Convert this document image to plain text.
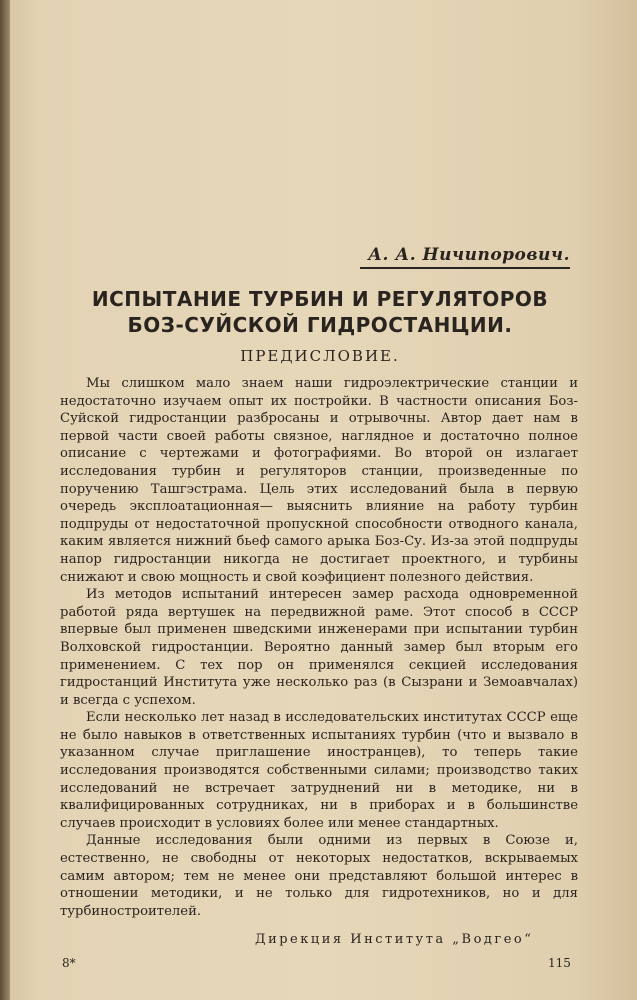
А. А. Ничипорович.
ИСПЫТАНИЕ ТУРБИН И РЕГУЛЯТОРОВ
БОЗ-СУЙСКОЙ ГИДРОСТАНЦИИ.
ПРЕДИСЛОВИЕ.

Мы слишком мало знаем наши гидроэлектрические станции и недостаточно изучаем опыт их постройки. В частности описания Боз-Суйской гидростанции разбросаны и отрывочны. Автор дает нам в первой части своей работы связное, наглядное и достаточно полное описание с чертежами и фотографиями. Во второй он излагает исследования турбин и регуляторов станции, произведенные по поручению Ташгэстрама. Цель этих исследований была в первую очередь эксплоатационная— выяснить влияние на работу турбин подпруды от недостаточной пропускной способности отводного канала, каким является нижний бьеф самого арыка Боз-Су. Из-за этой подпруды напор гидростанции никогда не достигает проектного, и турбины снижают и свою мощность и свой коэфициент полезного действия.

Из методов испытаний интересен замер расхода одновременной работой ряда вертушек на передвижной раме. Этот способ в СССР впервые был применен шведскими инженерами при испытании турбин Волховской гидростанции. Вероятно данный замер был вторым его применением. С тех пор он применялся секцией исследования гидростанций Института уже несколько раз (в Сызрани и Земоавчалах) и всегда с успехом.

Если несколько лет назад в исследовательских институтах СССР еще не было навыков в ответственных испытаниях турбин (что и вызвало в указанном случае приглашение иностранцев), то теперь такие исследования производятся собственными силами; производство таких исследований не встречает затруднений ни в методике, ни в квалифицированных сотрудниках, ни в приборах и в большинстве случаев происходит в условиях более или менее стандартных.

Данные исследования были одними из первых в Союзе и, естественно, не свободны от некоторых недостатков, вскрываемых самим автором; тем не менее они представляют большой интерес в отношении методики, и не только для гидротехников, но и для турбиностроителей.

Дирекция Института „Водгео“
8*	115
